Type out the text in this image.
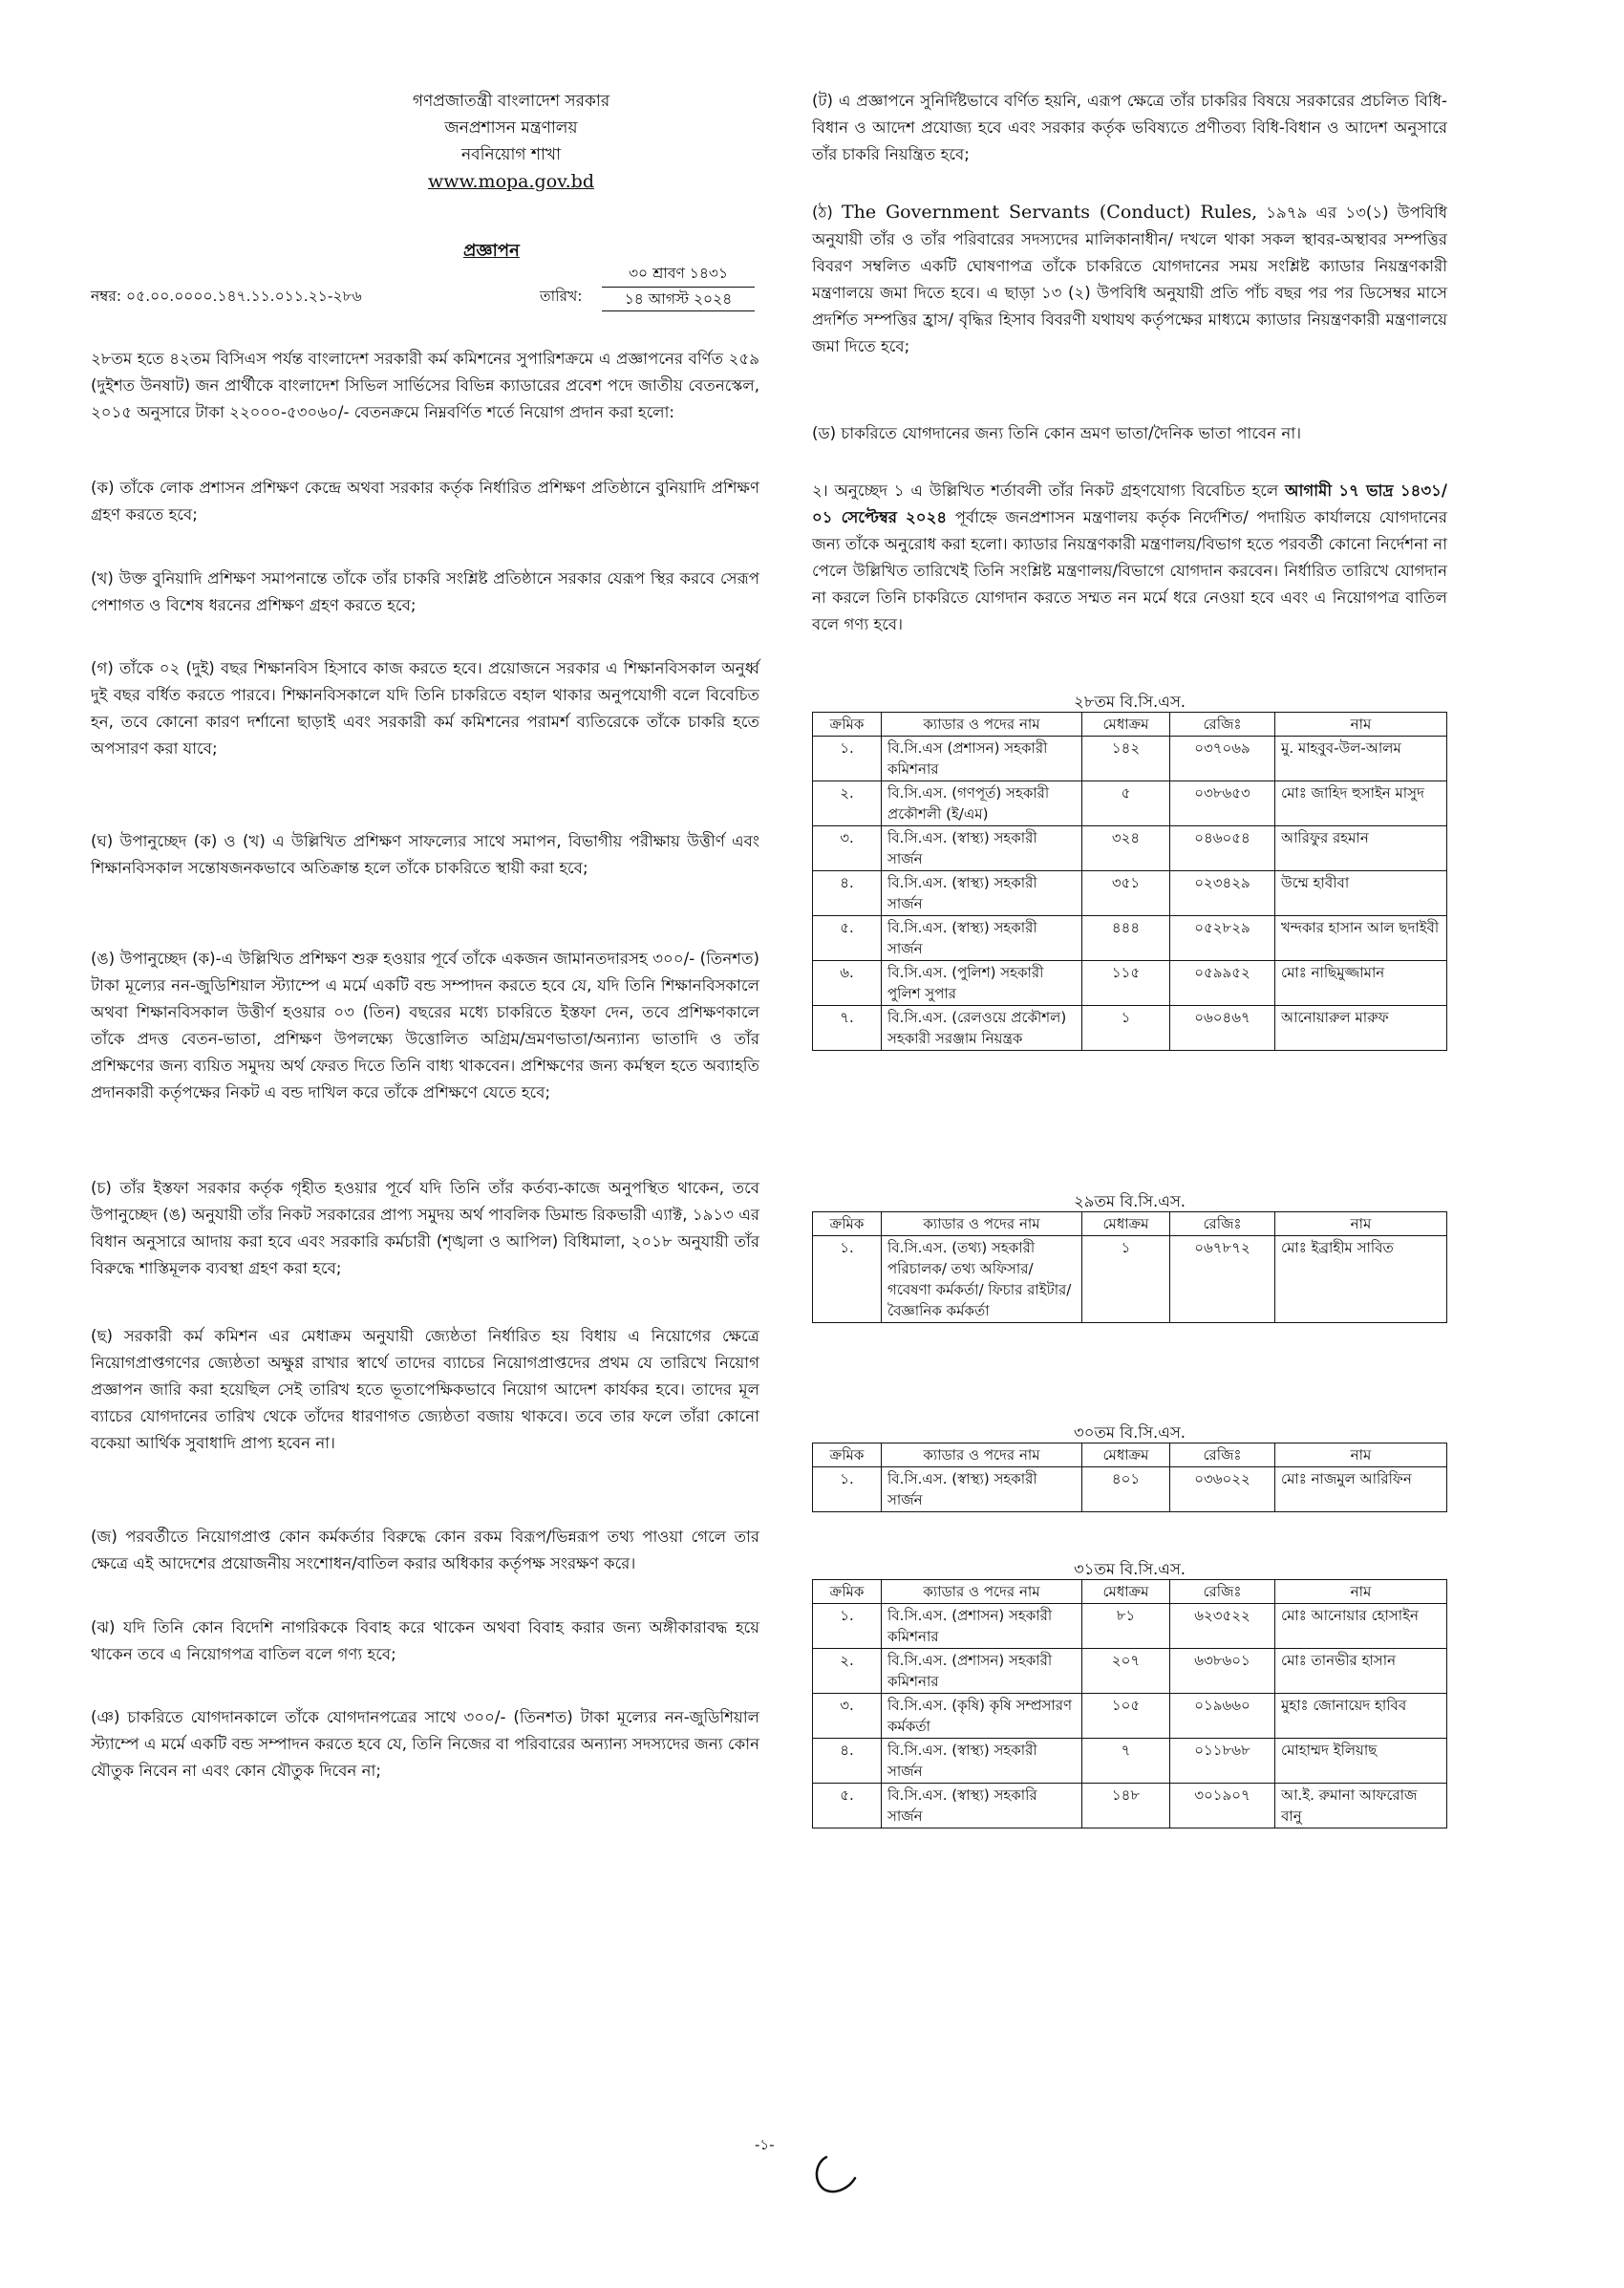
গণপ্রজাতন্ত্রী বাংলাদেশ সরকার
জনপ্রশাসন মন্ত্রণালয়
নবনিয়োগ শাখা
www.mopa.gov.bd
প্রজ্ঞাপন
নম্বর: ০৫.০০.০০০০.১৪৭.১১.০১১.২১-২৮৬	তারিখ:
৩০ শ্রাবণ ১৪৩১
১৪ আগস্ট ২০২৪

২৮তম হতে ৪২তম বিসিএস পর্যন্ত বাংলাদেশ সরকারী কর্ম কমিশনের সুপারিশক্রমে এ প্রজ্ঞাপনের বর্ণিত ২৫৯ (দুইশত উনষাট) জন প্রার্থীকে বাংলাদেশ সিভিল সার্ভিসের বিভিন্ন ক্যাডারের প্রবেশ পদে জাতীয় বেতনস্কেল, ২০১৫ অনুসারে টাকা ২২০০০-৫৩০৬০/- বেতনক্রমে নিম্নবর্ণিত শর্তে নিয়োগ প্রদান করা হলো:

(ক) তাঁকে লোক প্রশাসন প্রশিক্ষণ কেন্দ্রে অথবা সরকার কর্তৃক নির্ধারিত প্রশিক্ষণ প্রতিষ্ঠানে বুনিয়াদি প্রশিক্ষণ গ্রহণ করতে হবে;

(খ) উক্ত বুনিয়াদি প্রশিক্ষণ সমাপনান্তে তাঁকে তাঁর চাকরি সংশ্লিষ্ট প্রতিষ্ঠানে সরকার যেরূপ স্থির করবে সেরূপ পেশাগত ও বিশেষ ধরনের প্রশিক্ষণ গ্রহণ করতে হবে;

(গ) তাঁকে ০২ (দুই) বছর শিক্ষানবিস হিসাবে কাজ করতে হবে। প্রয়োজনে সরকার এ শিক্ষানবিসকাল অনুর্ধ্ব দুই বছর বর্ধিত করতে পারবে। শিক্ষানবিসকালে যদি তিনি চাকরিতে বহাল থাকার অনুপযোগী বলে বিবেচিত হন, তবে কোনো কারণ দর্শানো ছাড়াই এবং সরকারী কর্ম কমিশনের পরামর্শ ব্যতিরেকে তাঁকে চাকরি হতে অপসারণ করা যাবে;

(ঘ) উপানুচ্ছেদ (ক) ও (খ) এ উল্লিখিত প্রশিক্ষণ সাফল্যের সাথে সমাপন, বিভাগীয় পরীক্ষায় উত্তীর্ণ এবং শিক্ষানবিসকাল সন্তোষজনকভাবে অতিক্রান্ত হলে তাঁকে চাকরিতে স্থায়ী করা হবে;

(ঙ) উপানুচ্ছেদ (ক)-এ উল্লিখিত প্রশিক্ষণ শুরু হওয়ার পূর্বে তাঁকে একজন জামানতদারসহ ৩০০/- (তিনশত) টাকা মূল্যের নন-জুডিশিয়াল স্ট্যাম্পে এ মর্মে একটি বন্ড সম্পাদন করতে হবে যে, যদি তিনি শিক্ষানবিসকালে অথবা শিক্ষানবিসকাল উত্তীর্ণ হওয়ার ০৩ (তিন) বছরের মধ্যে চাকরিতে ইস্তফা দেন, তবে প্রশিক্ষণকালে তাঁকে প্রদত্ত বেতন-ভাতা, প্রশিক্ষণ উপলক্ষ্যে উত্তোলিত অগ্রিম/ভ্রমণভাতা/অন্যান্য ভাতাদি ও তাঁর প্রশিক্ষণের জন্য ব্যয়িত সমুদয় অর্থ ফেরত দিতে তিনি বাধ্য থাকবেন। প্রশিক্ষণের জন্য কর্মস্থল হতে অব্যাহতি প্রদানকারী কর্তৃপক্ষের নিকট এ বন্ড দাখিল করে তাঁকে প্রশিক্ষণে যেতে হবে;

(চ) তাঁর ইস্তফা সরকার কর্তৃক গৃহীত হওয়ার পূর্বে যদি তিনি তাঁর কর্তব্য-কাজে অনুপস্থিত থাকেন, তবে উপানুচ্ছেদ (ঙ) অনুযায়ী তাঁর নিকট সরকারের প্রাপ্য সমুদয় অর্থ পাবলিক ডিমান্ড রিকভারী এ্যাক্ট, ১৯১৩ এর বিধান অনুসারে আদায় করা হবে এবং সরকারি কর্মচারী (শৃঙ্খলা ও আপিল) বিধিমালা, ২০১৮ অনুযায়ী তাঁর বিরুদ্ধে শাস্তিমূলক ব্যবস্থা গ্রহণ করা হবে;

(ছ) সরকারী কর্ম কমিশন এর মেধাক্রম অনুযায়ী জ্যেষ্ঠতা নির্ধারিত হয় বিধায় এ নিয়োগের ক্ষেত্রে নিয়োগপ্রাপ্তগণের জ্যেষ্ঠতা অক্ষুণ্ণ রাখার স্বার্থে তাদের ব্যাচের নিয়োগপ্রাপ্তদের প্রথম যে তারিখে নিয়োগ প্রজ্ঞাপন জারি করা হয়েছিল সেই তারিখ হতে ভূতাপেক্ষিকভাবে নিয়োগ আদেশ কার্যকর হবে। তাদের মূল ব্যাচের যোগদানের তারিখ থেকে তাঁদের ধারণাগত জ্যেষ্ঠতা বজায় থাকবে। তবে তার ফলে তাঁরা কোনো বকেয়া আর্থিক সুবাধাদি প্রাপ্য হবেন না।

(জ) পরবর্তীতে নিয়োগপ্রাপ্ত কোন কর্মকর্তার বিরুদ্ধে কোন রকম বিরূপ/ভিন্নরূপ তথ্য পাওয়া গেলে তার ক্ষেত্রে এই আদেশের প্রয়োজনীয় সংশোধন/বাতিল করার অধিকার কর্তৃপক্ষ সংরক্ষণ করে।

(ঝ) যদি তিনি কোন বিদেশি নাগরিককে বিবাহ করে থাকেন অথবা বিবাহ করার জন্য অঙ্গীকারাবদ্ধ হয়ে থাকেন তবে এ নিয়োগপত্র বাতিল বলে গণ্য হবে;

(ঞ) চাকরিতে যোগদানকালে তাঁকে যোগদানপত্রের সাথে ৩০০/- (তিনশত) টাকা মূল্যের নন-জুডিশিয়াল স্ট্যাম্পে এ মর্মে একটি বন্ড সম্পাদন করতে হবে যে, তিনি নিজের বা পরিবারের অন্যান্য সদস্যদের জন্য কোন যৌতুক নিবেন না এবং কোন যৌতুক দিবেন না;

(ট) এ প্রজ্ঞাপনে সুনির্দিষ্টভাবে বর্ণিত হয়নি, এরূপ ক্ষেত্রে তাঁর চাকরির বিষয়ে সরকারের প্রচলিত বিধি-বিধান ও আদেশ প্রযোজ্য হবে এবং সরকার কর্তৃক ভবিষ্যতে প্রণীতব্য বিধি-বিধান ও আদেশ অনুসারে তাঁর চাকরি নিয়ন্ত্রিত হবে;

(ঠ) The Government Servants (Conduct) Rules, ১৯৭৯ এর ১৩(১) উপবিধি অনুযায়ী তাঁর ও তাঁর পরিবারের সদস্যদের মালিকানাধীন/ দখলে থাকা সকল স্থাবর-অস্থাবর সম্পত্তির বিবরণ সম্বলিত একটি ঘোষণাপত্র তাঁকে চাকরিতে যোগদানের সময় সংশ্লিষ্ট ক্যাডার নিয়ন্ত্রণকারী মন্ত্রণালয়ে জমা দিতে হবে। এ ছাড়া ১৩ (২) উপবিধি অনুযায়ী প্রতি পাঁচ বছর পর পর ডিসেম্বর মাসে প্রদর্শিত সম্পত্তির হ্রাস/ বৃদ্ধির হিসাব বিবরণী যথাযথ কর্তৃপক্ষের মাধ্যমে ক্যাডার নিয়ন্ত্রণকারী মন্ত্রণালয়ে জমা দিতে হবে;

(ড) চাকরিতে যোগদানের জন্য তিনি কোন ভ্রমণ ভাতা/দৈনিক ভাতা পাবেন না।

২। অনুচ্ছেদ ১ এ উল্লিখিত শর্তাবলী তাঁর নিকট গ্রহণযোগ্য বিবেচিত হলে আগামী ১৭ ভাদ্র ১৪৩১/ ০১ সেপ্টেম্বর ২০২৪ পূর্বাহ্নে জনপ্রশাসন মন্ত্রণালয় কর্তৃক নির্দেশিত/ পদায়িত কার্যালয়ে যোগদানের জন্য তাঁকে অনুরোধ করা হলো। ক্যাডার নিয়ন্ত্রণকারী মন্ত্রণালয়/বিভাগ হতে পরবর্তী কোনো নির্দেশনা না পেলে উল্লিখিত তারিখেই তিনি সংশ্লিষ্ট মন্ত্রণালয়/বিভাগে যোগদান করবেন। নির্ধারিত তারিখে যোগদান না করলে তিনি চাকরিতে যোগদান করতে সম্মত নন মর্মে ধরে নেওয়া হবে এবং এ নিয়োগপত্র বাতিল বলে গণ্য হবে।

২৮তম বি.সি.এস.
ক্রমিক	ক্যাডার ও পদের নাম	মেধাক্রম	রেজিঃ	নাম
১.	বি.সি.এস (প্রশাসন) সহকারী কমিশনার	১৪২	০৩৭০৬৯	মু. মাহবুব-উল-আলম
২.	বি.সি.এস. (গণপূর্ত) সহকারী প্রকৌশলী (ই/এম)	৫	০৩৮৬৫৩	মোঃ জাহিদ হুসাইন মাসুদ
৩.	বি.সি.এস. (স্বাস্থ্য) সহকারী সার্জন	৩২৪	০৪৬০৫৪	আরিফুর রহমান
৪.	বি.সি.এস. (স্বাস্থ্য) সহকারী সার্জন	৩৫১	০২৩৪২৯	উম্মে হাবীবা
৫.	বি.সি.এস. (স্বাস্থ্য) সহকারী সার্জন	৪৪৪	০৫২৮২৯	খন্দকার হাসান আল ছদাইবী
৬.	বি.সি.এস. (পুলিশ) সহকারী পুলিশ সুপার	১১৫	০৫৯৯৫২	মোঃ নাছিমুজ্জামান
৭.	বি.সি.এস. (রেলওয়ে প্রকৌশল) সহকারী সরঞ্জাম নিয়ন্ত্রক	১	০৬০৪৬৭	আনোয়ারুল মারুফ
২৯তম বি.সি.এস.
ক্রমিক	ক্যাডার ও পদের নাম	মেধাক্রম	রেজিঃ	নাম
১.	বি.সি.এস. (তথ্য) সহকারী পরিচালক/ তথ্য অফিসার/ গবেষণা কর্মকর্তা/ ফিচার রাইটার/ বৈজ্ঞানিক কর্মকর্তা	১	০৬৭৮৭২	মোঃ ইব্রাহীম সাবিত
৩০তম বি.সি.এস.
ক্রমিক	ক্যাডার ও পদের নাম	মেধাক্রম	রেজিঃ	নাম
১.	বি.সি.এস. (স্বাস্থ্য) সহকারী সার্জন	৪০১	০৩৬০২২	মোঃ নাজমুল আরিফিন
৩১তম বি.সি.এস.
ক্রমিক	ক্যাডার ও পদের নাম	মেধাক্রম	রেজিঃ	নাম
১.	বি.সি.এস. (প্রশাসন) সহকারী কমিশনার	৮১	৬২৩৫২২	মোঃ আনোয়ার হোসাইন
২.	বি.সি.এস. (প্রশাসন) সহকারী কমিশনার	২০৭	৬৩৮৬০১	মোঃ তানভীর হাসান
৩.	বি.সি.এস. (কৃষি) কৃষি সম্প্রসারণ কর্মকর্তা	১০৫	০১৯৬৬০	মুহাঃ জোনায়েদ হাবিব
৪.	বি.সি.এস. (স্বাস্থ্য) সহকারী সার্জন	৭	০১১৮৬৮	মোহাম্মদ ইলিয়াছ
৫.	বি.সি.এস. (স্বাস্থ্য) সহকারি সার্জন	১৪৮	৩০১৯০৭	আ.ই. রুমানা আফরোজ বানু
-১-
